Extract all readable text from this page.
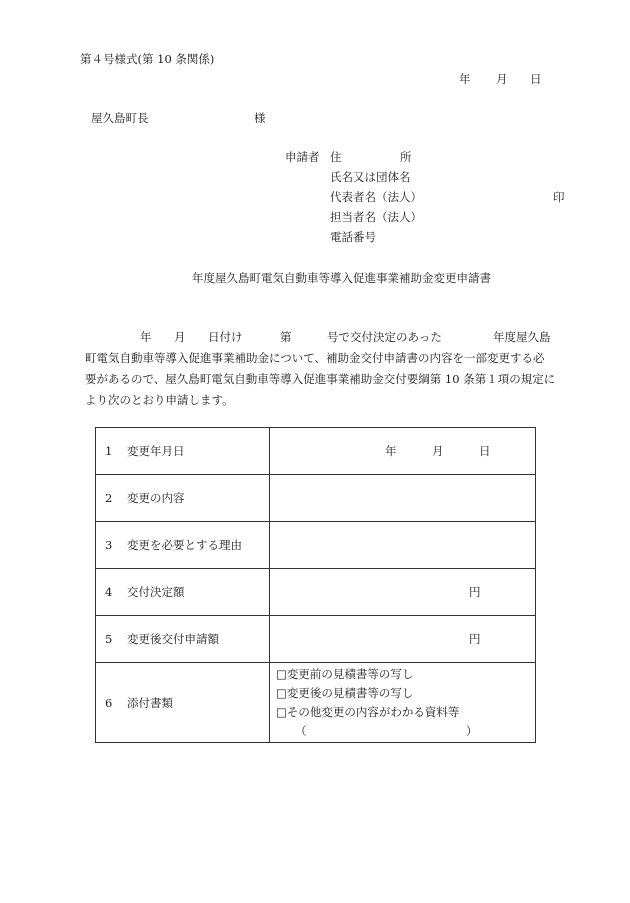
第４号様式(第 10 条関係)
年 月 日
屋久島町長	様
申請者 住	所
氏名又は団体名
代表者名（法人）	印
担当者名（法人）
電話番号
年度屋久島町電気自動車等導入促進事業補助金変更申請書
年 月 日付け	第	号で交付決定のあった	年度屋久島
町電気自動車等導入促進事業補助金について、補助金交付申請書の内容を一部変更する必
要があるので、屋久島町電気自動車等導入促進事業補助金交付要綱第 10 条第１項の規定に
より次のとおり申請します。
1 変更年月日	年 月 日

2 変更の内容	
3 変更を必要とする理由	
4 交付決定額	円

5 変更後交付申請額	円

6 添付書類	□変更前の見積書等の写し
□変更後の見積書等の写し
□その他変更の内容がわかる資料等
（ ）
